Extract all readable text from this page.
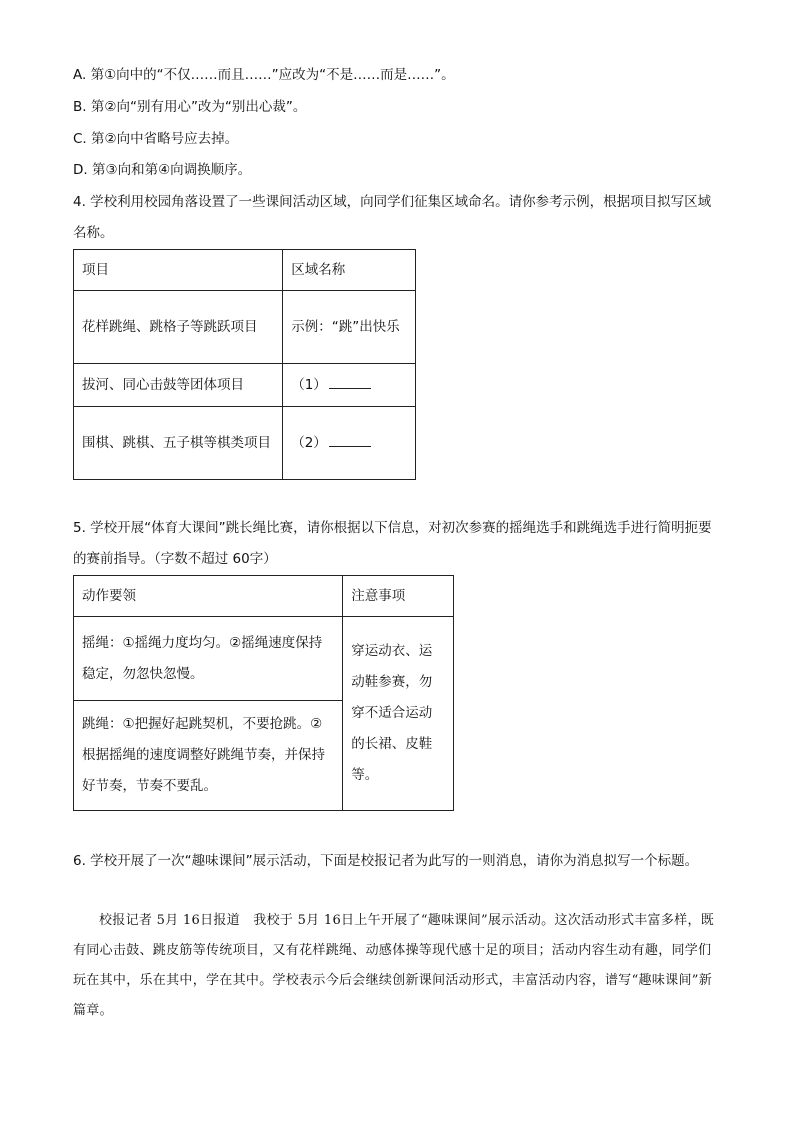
A. 第①向中的“不仅……而且……”应改为“不是……而是……”。
B. 第②向“别有用心”改为“别出心裁”。
C. 第②向中省略号应去掉。
D. 第③向和第④向调换顺序。
4. 学校利用校园角落设置了一些课间活动区域，向同学们征集区域命名。请你参考示例，根据项目拟写区域名称。
项目	区域名称
花样跳绳、跳格子等跳跃项目	示例：“跳”出快乐
拔河、同心击鼓等团体项目	（1）
围棋、跳棋、五子棋等棋类项目	（2）
5. 学校开展“体育大课间”跳长绳比赛，请你根据以下信息，对初次参赛的摇绳选手和跳绳选手进行简明扼要的赛前指导。（字数不超过 60字）
动作要领	注意事项
摇绳：①摇绳力度均匀。②摇绳速度保持稳定，勿忽快忽慢。	穿运动衣、运动鞋参赛，勿穿不适合运动的长裙、皮鞋等。
跳绳：①把握好起跳契机，不要抢跳。②根据摇绳的速度调整好跳绳节奏，并保持好节奏，节奏不要乱。	
6. 学校开展了一次“趣味课间”展示活动，下面是校报记者为此写的一则消息，请你为消息拟写一个标题。
校报记者 5月 16日报道　我校于 5月 16日上午开展了“趣味课间”展示活动。这次活动形式丰富多样，既有同心击鼓、跳皮筋等传统项目，又有花样跳绳、动感体操等现代感十足的项目；活动内容生动有趣，同学们玩在其中，乐在其中，学在其中。学校表示今后会继续创新课间活动形式，丰富活动内容，谱写“趣味课间”新篇章。
